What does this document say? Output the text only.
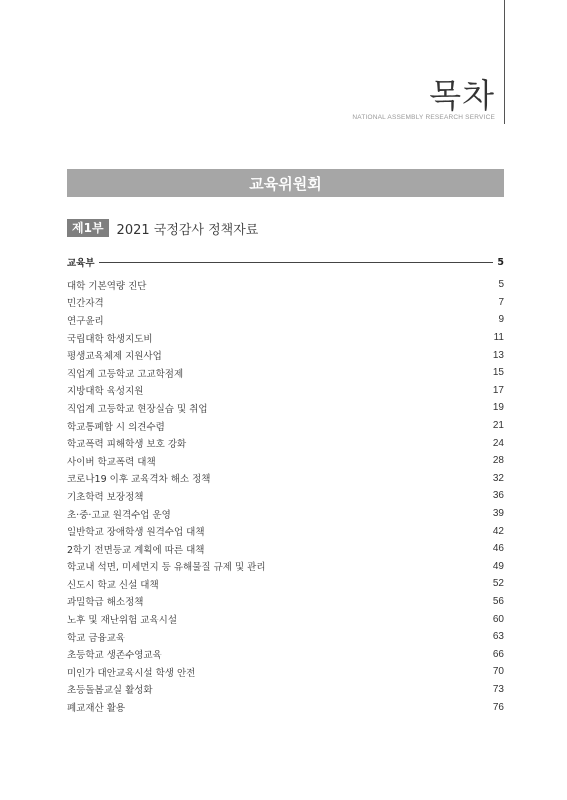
목차
NATIONAL ASSEMBLY RESEARCH SERVICE
교육위원회
제1부	2021 국정감사 정책자료
교육부	5
대학 기본역량 진단	5
민간자격	7
연구윤리	9
국립대학 학생지도비	11
평생교육체제 지원사업	13
직업계 고등학교 고교학점제	15
지방대학 육성지원	17
직업계 고등학교 현장실습 및 취업	19
학교통폐합 시 의견수렴	21
학교폭력 피해학생 보호 강화	24
사이버 학교폭력 대책	28
코로나19 이후 교육격차 해소 정책	32
기초학력 보장정책	36
초·중·고교 원격수업 운영	39
일반학교 장애학생 원격수업 대책	42
2학기 전면등교 계획에 따른 대책	46
학교내 석면, 미세먼지 등 유해물질 규제 및 관리	49
신도시 학교 신설 대책	52
과밀학급 해소정책	56
노후 및 재난위험 교육시설	60
학교 금융교육	63
초등학교 생존수영교육	66
미인가 대안교육시설 학생 안전	70
초등돌봄교실 활성화	73
폐교재산 활용	76
